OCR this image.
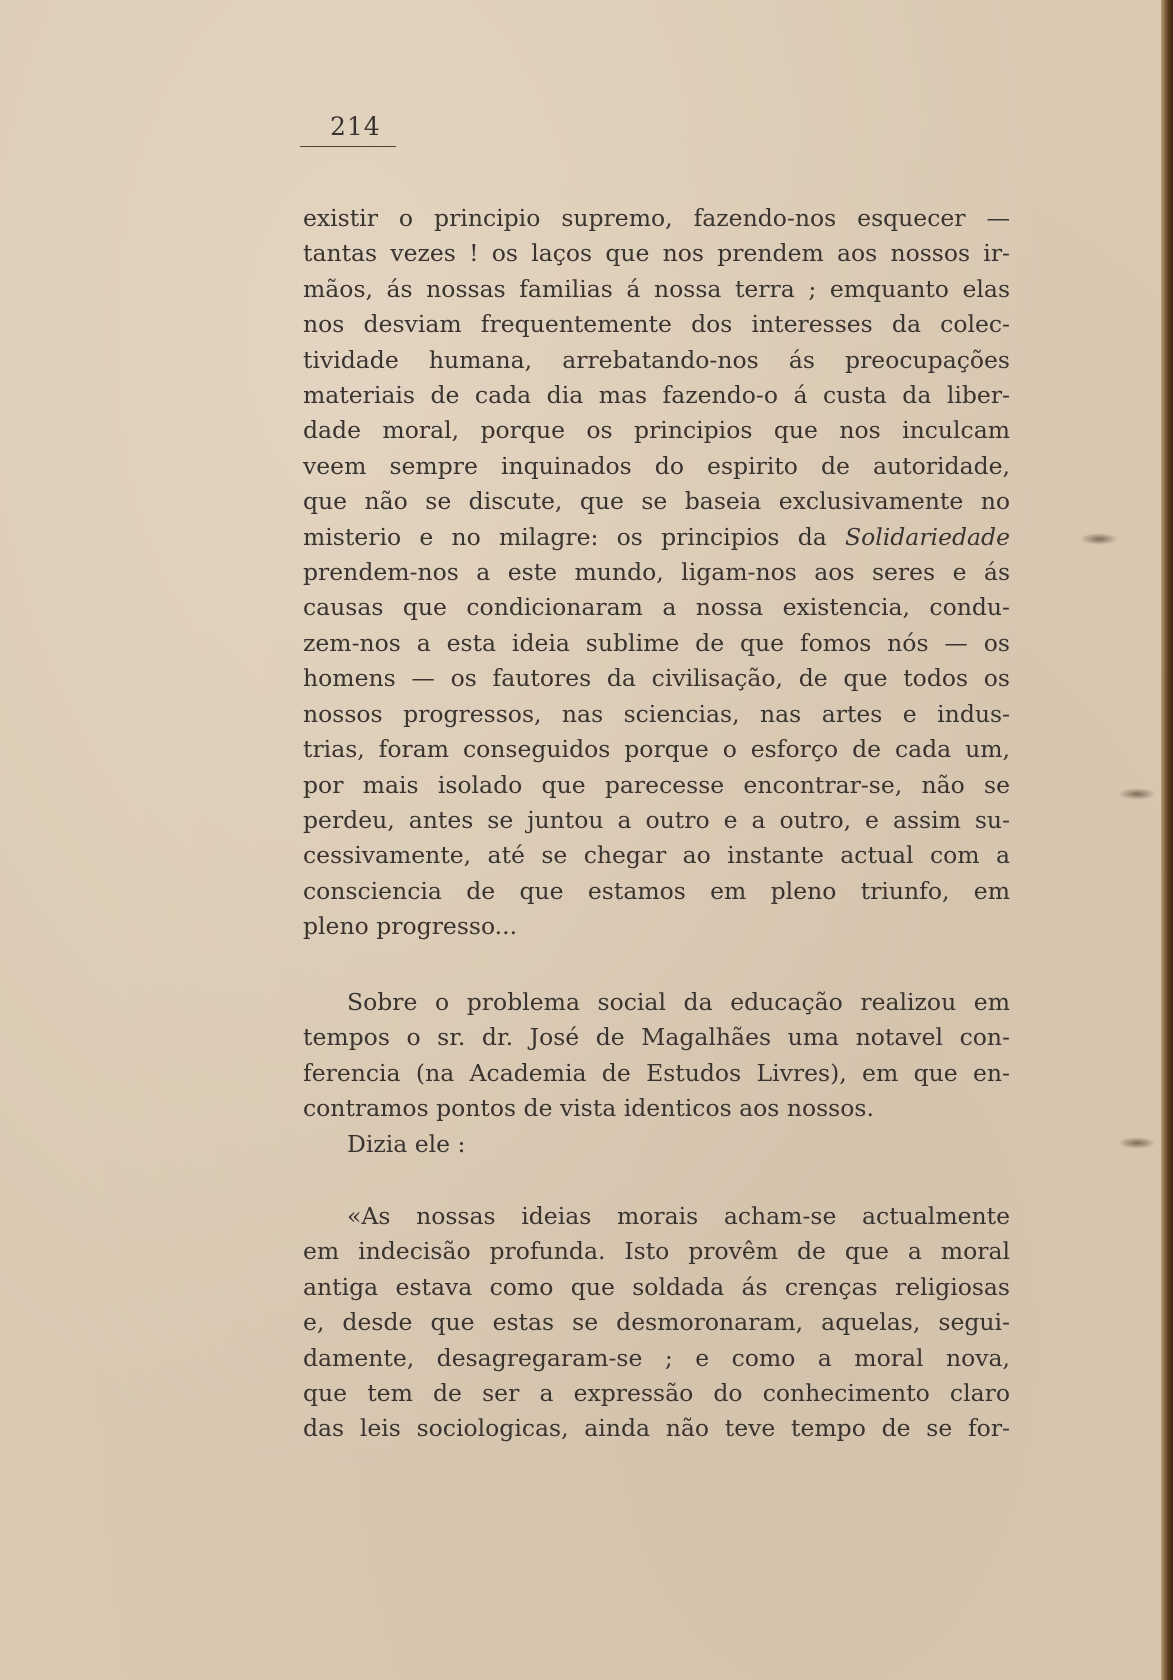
214
existir o principio supremo, fazendo-nos esquecer —
tantas vezes ! os laços que nos prendem aos nossos ir-
mãos, ás nossas familias á nossa terra ; emquanto elas
nos desviam frequentemente dos interesses da colec-
tividade humana, arrebatando-nos ás preocupações
materiais de cada dia mas fazendo-o á custa da liber-
dade moral, porque os principios que nos inculcam
veem sempre inquinados do espirito de autoridade,
que não se discute, que se baseia exclusivamente no
misterio e no milagre: os principios da Solidariedade
prendem-nos a este mundo, ligam-nos aos seres e ás
causas que condicionaram a nossa existencia, condu-
zem-nos a esta ideia sublime de que fomos nós — os
homens — os fautores da civilisação, de que todos os
nossos progressos, nas sciencias, nas artes e indus-
trias, foram conseguidos porque o esforço de cada um,
por mais isolado que parecesse encontrar-se, não se
perdeu, antes se juntou a outro e a outro, e assim su-
cessivamente, até se chegar ao instante actual com a
consciencia de que estamos em pleno triunfo, em
pleno progresso...
Sobre o problema social da educação realizou em
tempos o sr. dr. José de Magalhães uma notavel con-
ferencia (na Academia de Estudos Livres), em que en-
contramos pontos de vista identicos aos nossos.
Dizia ele :
«As nossas ideias morais acham-se actualmente
em indecisão profunda. Isto provêm de que a moral
antiga estava como que soldada ás crenças religiosas
e, desde que estas se desmoronaram, aquelas, segui-
damente, desagregaram-se ; e como a moral nova,
que tem de ser a expressão do conhecimento claro
das leis sociologicas, ainda não teve tempo de se for-
